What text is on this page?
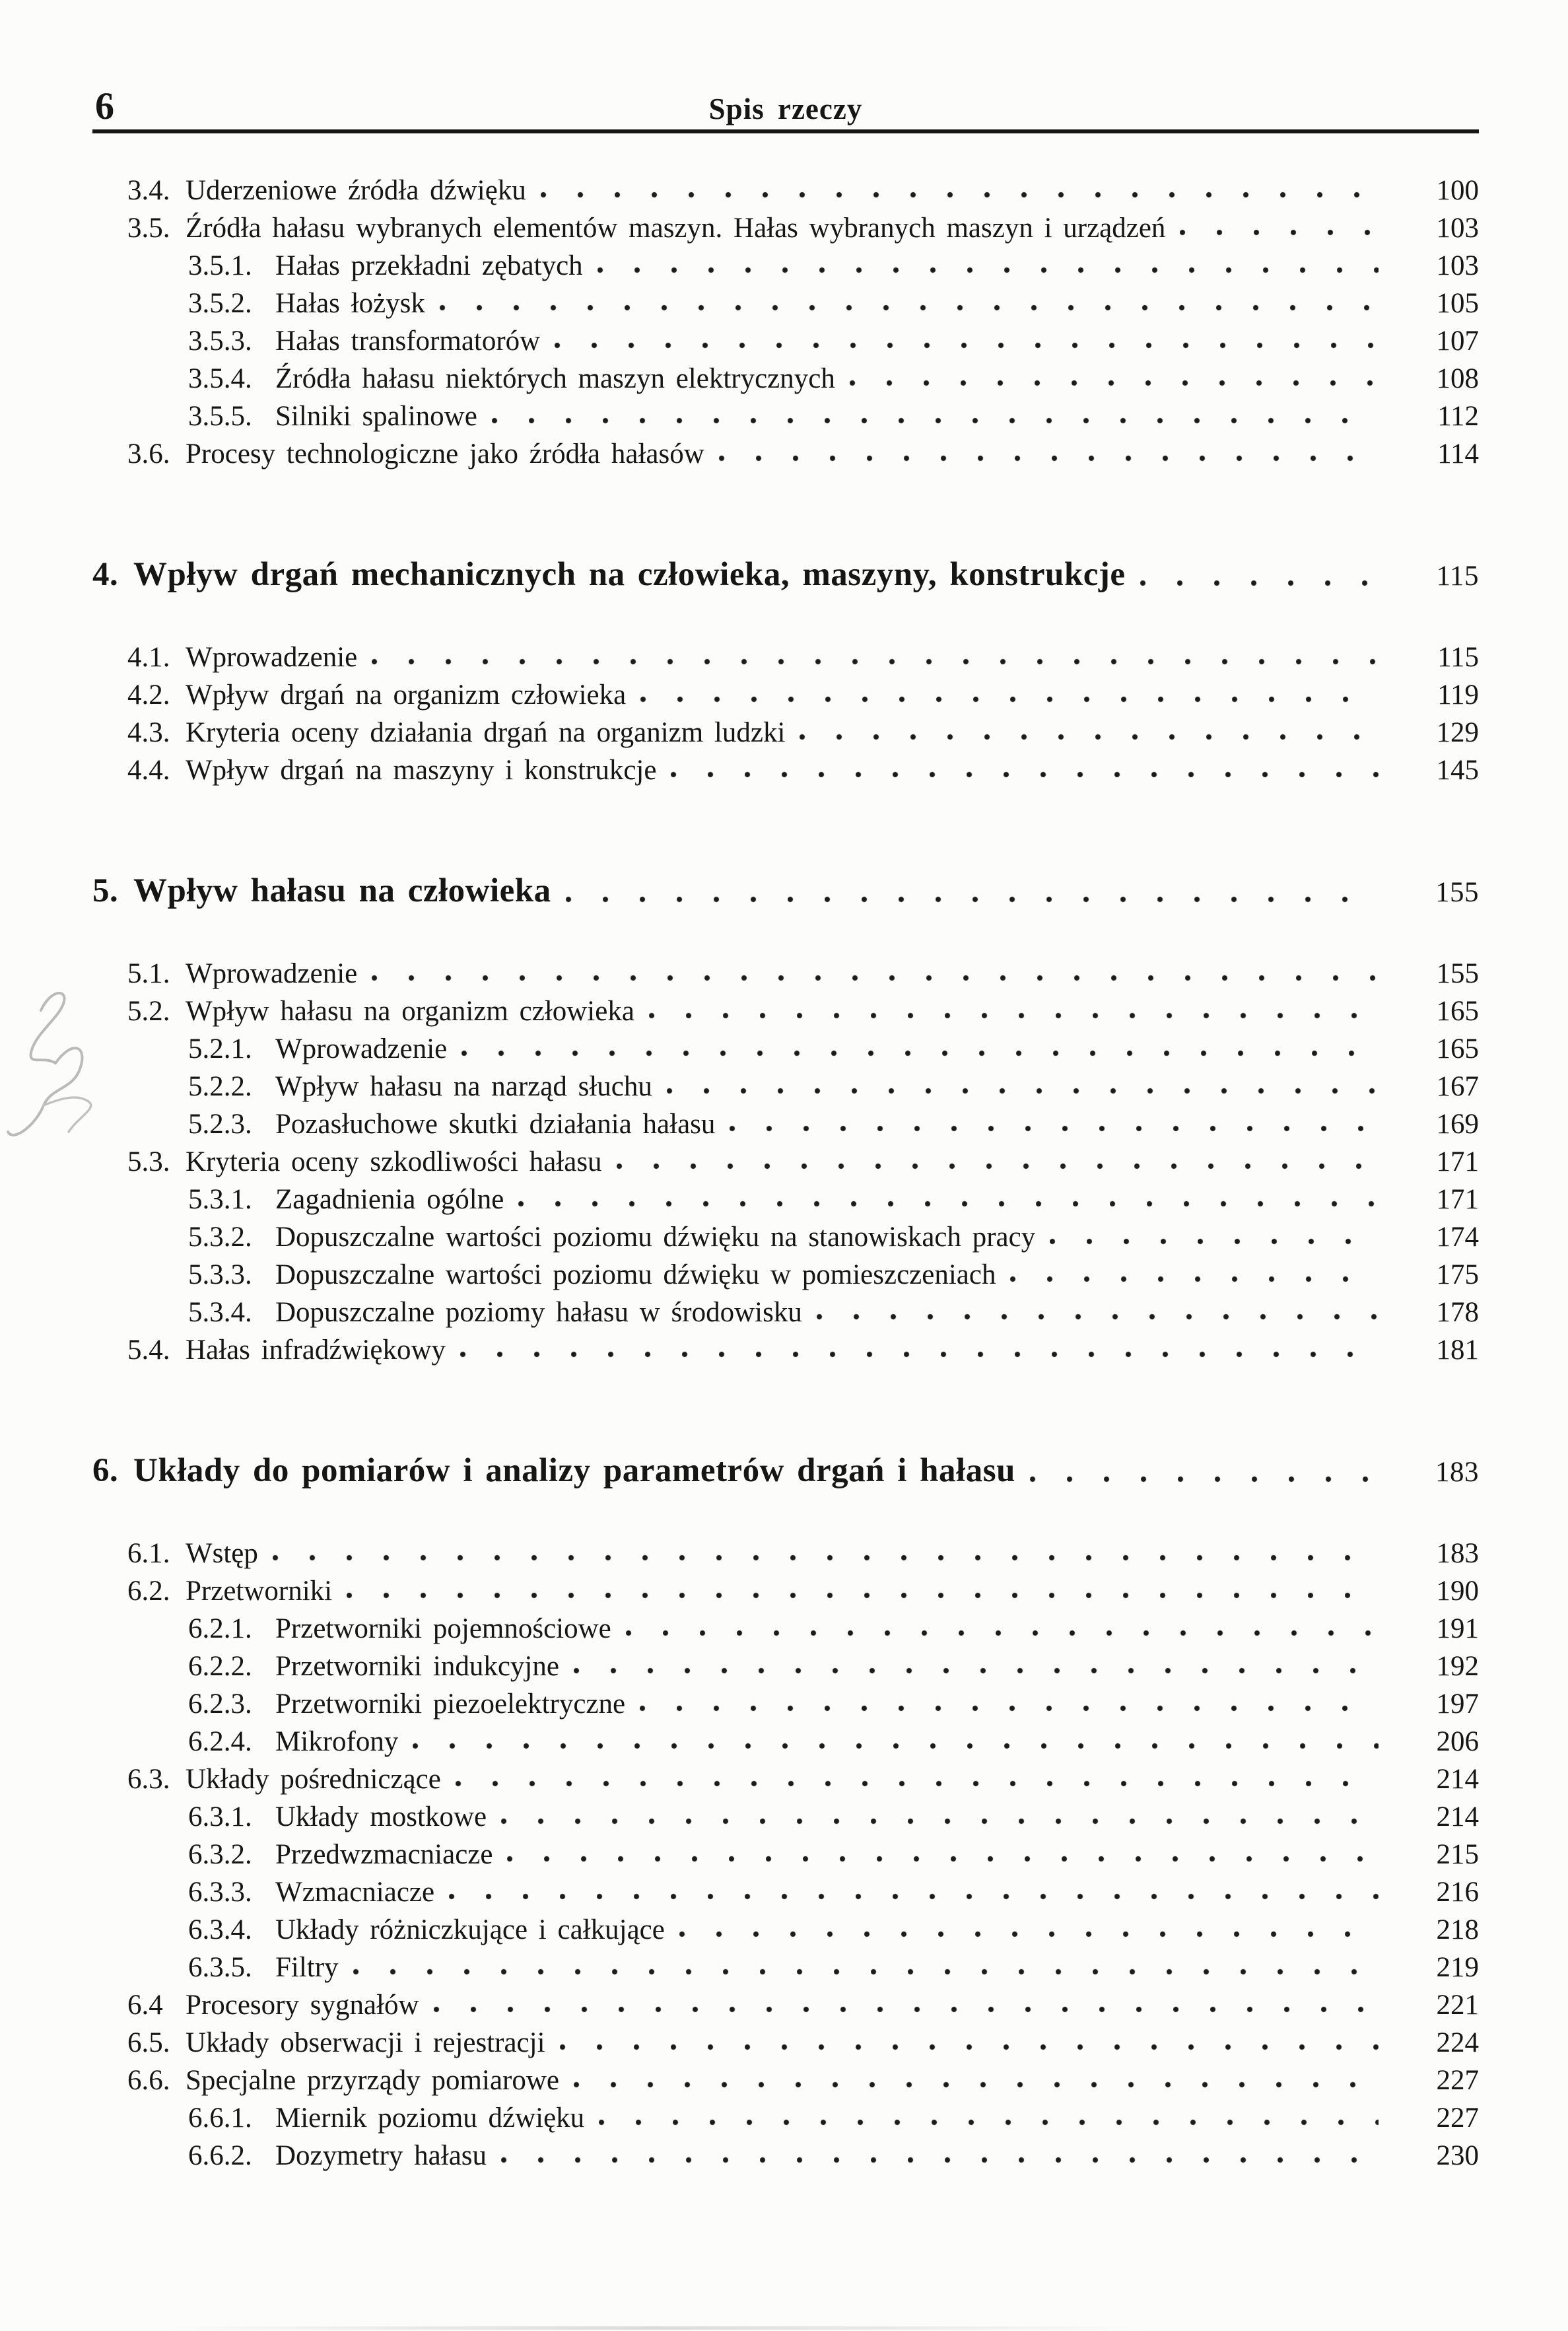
6	Spis rzeczy
3.4. Uderzeniowe źródła dźwięku	100
3.5. Źródła hałasu wybranych elementów maszyn. Hałas wybranych maszyn i urządzeń	103
3.5.1. Hałas przekładni zębatych	103
3.5.2. Hałas łożysk	105
3.5.3. Hałas transformatorów	107
3.5.4. Źródła hałasu niektórych maszyn elektrycznych	108
3.5.5. Silniki spalinowe	112
3.6. Procesy technologiczne jako źródła hałasów	114
4. Wpływ drgań mechanicznych na człowieka, maszyny, konstrukcje	115
4.1. Wprowadzenie	115
4.2. Wpływ drgań na organizm człowieka	119
4.3. Kryteria oceny działania drgań na organizm ludzki	129
4.4. Wpływ drgań na maszyny i konstrukcje	145
5. Wpływ hałasu na człowieka	155
5.1. Wprowadzenie	155
5.2. Wpływ hałasu na organizm człowieka	165
5.2.1. Wprowadzenie	165
5.2.2. Wpływ hałasu na narząd słuchu	167
5.2.3. Pozasłuchowe skutki działania hałasu	169
5.3. Kryteria oceny szkodliwości hałasu	171
5.3.1. Zagadnienia ogólne	171
5.3.2. Dopuszczalne wartości poziomu dźwięku na stanowiskach pracy	174
5.3.3. Dopuszczalne wartości poziomu dźwięku w pomieszczeniach	175
5.3.4. Dopuszczalne poziomy hałasu w środowisku	178
5.4. Hałas infradźwiękowy	181
6. Układy do pomiarów i analizy parametrów drgań i hałasu	183
6.1. Wstęp	183
6.2. Przetworniki	190
6.2.1. Przetworniki pojemnościowe	191
6.2.2. Przetworniki indukcyjne	192
6.2.3. Przetworniki piezoelektryczne	197
6.2.4. Mikrofony	206
6.3. Układy pośredniczące	214
6.3.1. Układy mostkowe	214
6.3.2. Przedwzmacniacze	215
6.3.3. Wzmacniacze	216
6.3.4. Układy różniczkujące i całkujące	218
6.3.5. Filtry	219
6.4 Procesory sygnałów	221
6.5. Układy obserwacji i rejestracji	224
6.6. Specjalne przyrządy pomiarowe	227
6.6.1. Miernik poziomu dźwięku	227
6.6.2. Dozymetry hałasu	230
